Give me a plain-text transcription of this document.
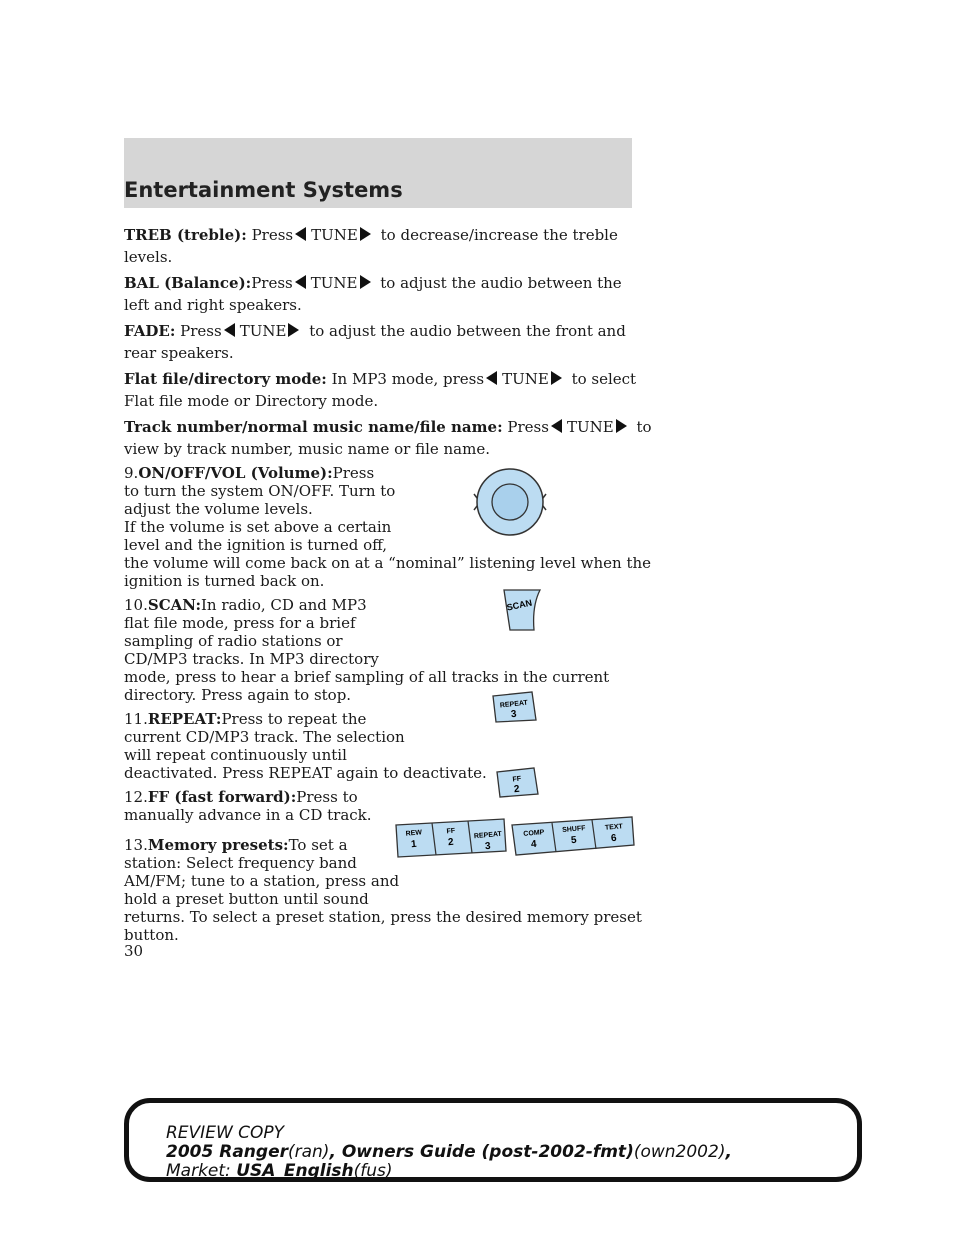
Entertainment Systems
TREB (treble): Press TUNE to decrease/increase the treble
levels.
BAL (Balance):Press TUNE to adjust the audio between the
left and right speakers.
FADE: Press TUNE to adjust the audio between the front and
rear speakers.
Flat file/directory mode: In MP3 mode, press TUNE to select
Flat file mode or Directory mode.
Track number/normal music name/file name: Press TUNE to
view by track number, music name or file name.
9.ON/OFF/VOL (Volume):Press
to turn the system ON/OFF. Turn to
adjust the volume levels.
If the volume is set above a certain
level and the ignition is turned off,
the volume will come back on at a “nominal” listening level when the
ignition is turned back on.
10.SCAN:In radio, CD and MP3
flat file mode, press for a brief
sampling of radio stations or
CD/MP3 tracks. In MP3 directory
mode, press to hear a brief sampling of all tracks in the current
directory. Press again to stop.
11.REPEAT:Press to repeat the
current CD/MP3 track. The selection
will repeat continuously until
deactivated. Press REPEAT again to deactivate.
12.FF (fast forward):Press to
manually advance in a CD track.
13.Memory presets:To set a
station: Select frequency band
AM/FM; tune to a station, press and
hold a preset button until sound
returns. To select a preset station, press the desired memory preset
button.
30
SCAN
REPEAT
3
FF
2
REW
1
FF
2
REPEAT
3
COMP
4
SHUFF
5
TEXT
6
REVIEW COPY
2005 Ranger(ran), Owners Guide (post-2002-fmt)(own2002),
Market: USA_English(fus)
